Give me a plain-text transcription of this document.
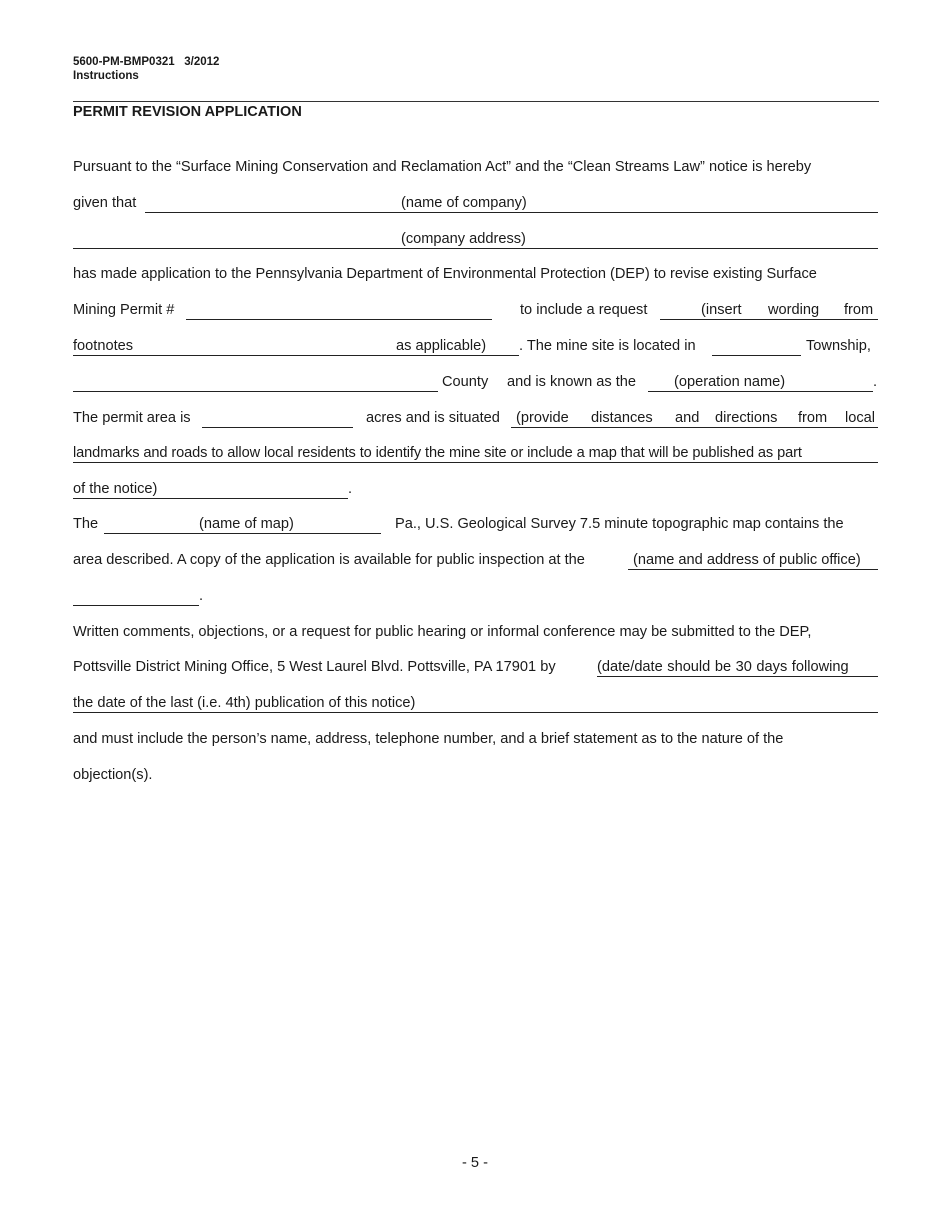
5600-PM-BMP0321 3/2012
Instructions
PERMIT REVISION APPLICATION
Pursuant to the “Surface Mining Conservation and Reclamation Act” and the “Clean Streams Law” notice is hereby
given that	(name of company)
(company address)
has made application to the Pennsylvania Department of Environmental Protection (DEP) to revise existing Surface
Mining Permit #	to include a request	(insert wording from
footnotes	as applicable) . The mine site is located in	Township,
County and is known as the	(operation name)	.
The permit area is	acres and is situated (provide distances and directions from local
landmarks and roads to allow local residents to identify the mine site or include a map that will be published as part
of the notice)	.
The	(name of map)	Pa., U.S. Geological Survey 7.5 minute topographic map contains the
area described. A copy of the application is available for public inspection at the	(name and address of public office)
.
Written comments, objections, or a request for public hearing or informal conference may be submitted to the DEP,
Pottsville District Mining Office, 5 West Laurel Blvd. Pottsville, PA 17901 by	(date/date should be 30 days following
the date of the last (i.e. 4th) publication of this notice)
and must include the person’s name, address, telephone number, and a brief statement as to the nature of the
objection(s).
- 5 -
